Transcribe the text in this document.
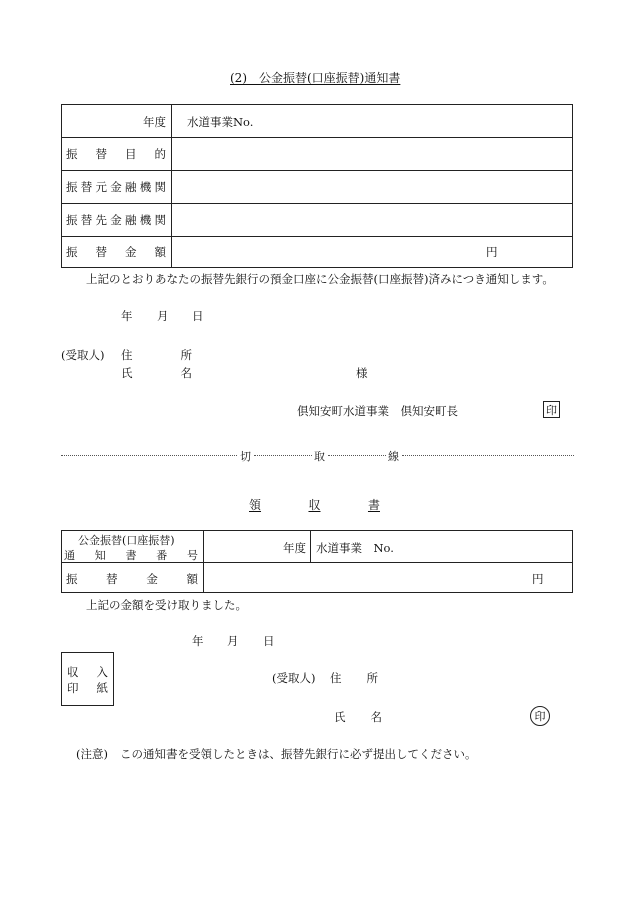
(2)　公金振替(口座振替)通知書
年度 水道事業No.
振 替 目 的
振 替 元 金 融 機 関
振 替 先 金 融 機 関
振 替 金 額	円
上記のとおりあなたの振替先銀行の預金口座に公金振替(口座振替)済みにつき通知します。
年 月 日
(受取人) 住	所
氏	名	様
倶知安町水道事業　倶知安町長	印
切	取	線
領	収	書
公金振替(口座振替)
通 知 書 番 号
年度 水道事業　No.
振 替 金 額	円
上記の金額を受け取りました。
年 月 日
収 入
印 紙
(受取人) 住 所
氏 名	印
(注意) この通知書を受領したときは、振替先銀行に必ず提出してください。
